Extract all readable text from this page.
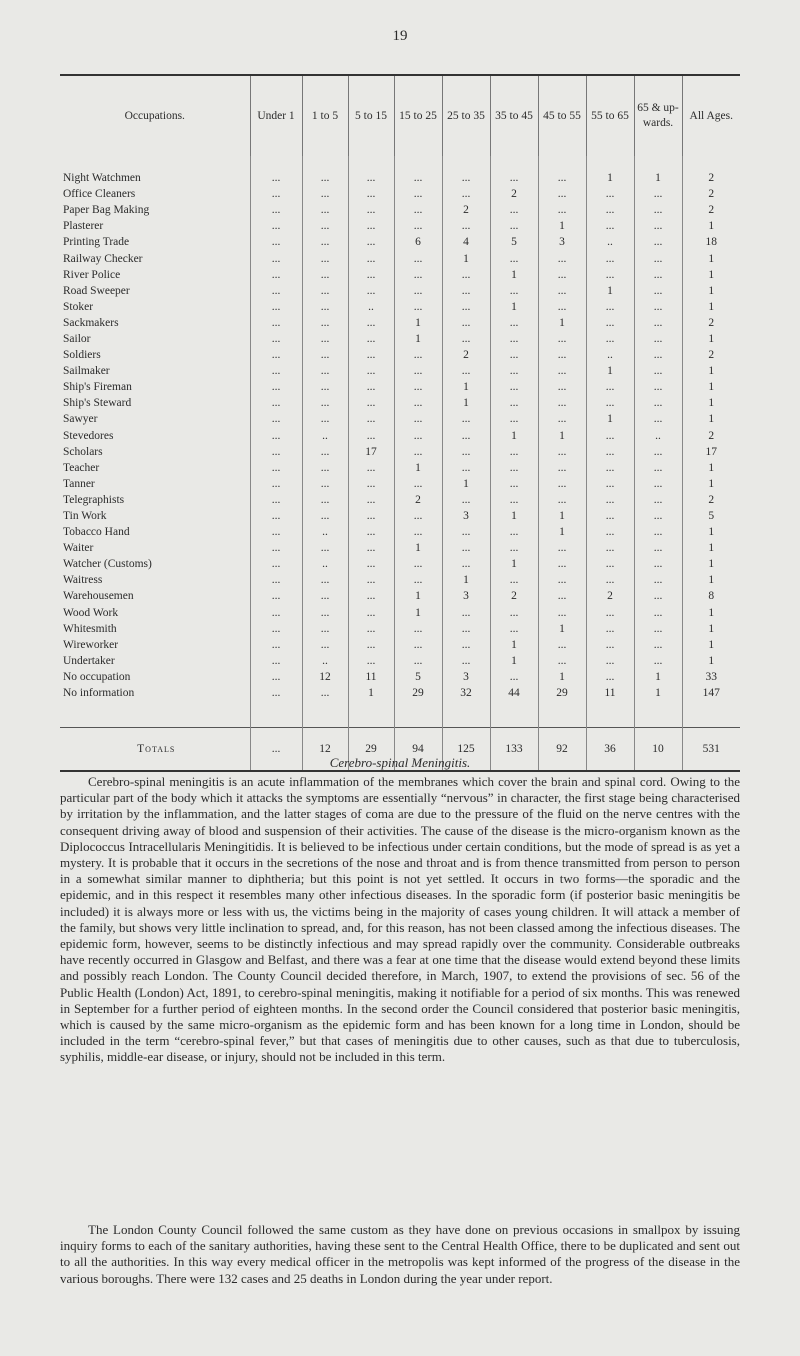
19
Occupations.	Under 1	1 to 5	5 to 15	15 to 25	25 to 35	35 to 45	45 to 55	55 to 65	65 & up-wards.	All Ages.

Night Watchmen	...	...	...	...	...	...	...	1	1	2
Office Cleaners	...	...	...	...	...	2	...	...	...	2
Paper Bag Making	...	...	...	...	2	...	...	...	...	2
Plasterer	...	...	...	...	...	...	1	...	...	1
Printing Trade	...	...	...	6	4	5	3	..	...	18
Railway Checker	...	...	...	...	1	...	...	...	...	1
River Police	...	...	...	...	...	1	...	...	...	1
Road Sweeper	...	...	...	...	...	...	...	1	...	1
Stoker	...	...	..	...	...	1	...	...	...	1
Sackmakers	...	...	...	1	...	...	1	...	...	2
Sailor	...	...	...	1	...	...	...	...	...	1
Soldiers	...	...	...	...	2	...	...	..	...	2
Sailmaker	...	...	...	...	...	...	...	1	...	1
Ship's Fireman	...	...	...	...	1	...	...	...	...	1
Ship's Steward	...	...	...	...	1	...	...	...	...	1
Sawyer	...	...	...	...	...	...	...	1	...	1
Stevedores	...	..	...	...	...	1	1	...	..	2
Scholars	...	...	17	...	...	...	...	...	...	17
Teacher	...	...	...	1	...	...	...	...	...	1
Tanner	...	...	...	...	1	...	...	...	...	1
Telegraphists	...	...	...	2	...	...	...	...	...	2
Tin Work	...	...	...	...	3	1	1	...	...	5
Tobacco Hand	...	..	...	...	...	...	1	...	...	1
Waiter	...	...	...	1	...	...	...	...	...	1
Watcher (Customs)	...	..	...	...	...	1	...	...	...	1
Waitress	...	...	...	...	1	...	...	...	...	1
Warehousemen	...	...	...	1	3	2	...	2	...	8
Wood Work	...	...	...	1	...	...	...	...	...	1
Whitesmith	...	...	...	...	...	...	1	...	...	1
Wireworker	...	...	...	...	...	1	...	...	...	1
Undertaker	...	..	...	...	...	1	...	...	...	1
No occupation	...	12	11	5	3	...	1	...	1	33
No information	...	...	1	29	32	44	29	11	1	147

Totals	...	12	29	94	125	133	92	36	10	531
Cerebro-spinal Meningitis.

Cerebro-spinal meningitis is an acute inflammation of the membranes which cover the brain and spinal cord. Owing to the particular part of the body which it attacks the symptoms are essentially “nervous” in character, the first stage being characterised by irritation by the inflammation, and the latter stages of coma are due to the pressure of the fluid on the nerve centres with the consequent driving away of blood and suspension of their activities. The cause of the disease is the micro-organism known as the Diplococcus Intracellularis Meningitidis. It is believed to be infectious under certain conditions, but the mode of spread is as yet a mystery. It is probable that it occurs in the secretions of the nose and throat and is from thence transmitted from person to person in a somewhat similar manner to diphtheria; but this point is not yet settled. It occurs in two forms—the sporadic and the epidemic, and in this respect it resembles many other infectious diseases. In the sporadic form (if posterior basic meningitis be included) it is always more or less with us, the victims being in the majority of cases young children. It will attack a member of the family, but shows very little inclination to spread, and, for this reason, has not been classed among the infectious diseases. The epidemic form, however, seems to be distinctly infectious and may spread rapidly over the community. Considerable outbreaks have recently occurred in Glasgow and Belfast, and there was a fear at one time that the disease would extend beyond these limits and possibly reach London. The County Council decided therefore, in March, 1907, to extend the provisions of sec. 56 of the Public Health (London) Act, 1891, to cerebro-spinal meningitis, making it notifiable for a period of six months. This was renewed in September for a further period of eighteen months. In the second order the Council considered that posterior basic meningitis, which is caused by the same micro-organism as the epidemic form and has been known for a long time in London, should be included in the term “cerebro-spinal fever,” but that cases of meningitis due to other causes, such as that due to tuberculosis, syphilis, middle-ear disease, or injury, should not be included in this term.

The London County Council followed the same custom as they have done on previous occasions in smallpox by issuing inquiry forms to each of the sanitary authorities, having these sent to the Central Health Office, there to be duplicated and sent out to all the authorities. In this way every medical officer in the metropolis was kept informed of the progress of the disease in the various boroughs. There were 132 cases and 25 deaths in London during the year under report.
